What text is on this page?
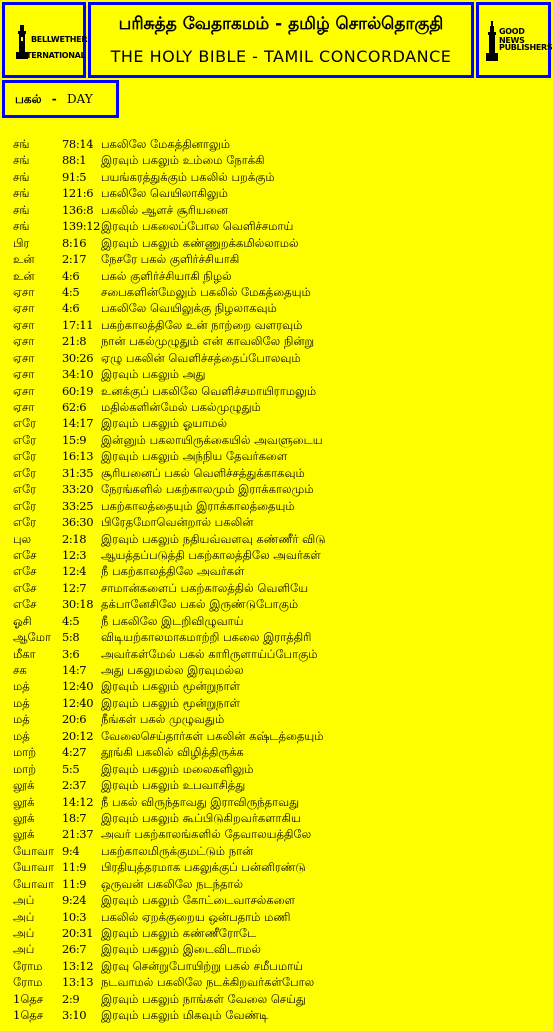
BELLWETHER
INTERNATIONAL
பரிசுத்த வேதாகமம் - தமிழ் சொல்தொகுதி
THE HOLY BIBLE - TAMIL CONCORDANCE
GOOD NEWS
PUBLISHERS
பகல் - DAY
சங்	78:14 பகலிலே மேகத்தினாலும்
சங்	88:1 இரவும் பகலும் உம்மை நோக்கி
சங்	91:5 பயங்கரத்துக்கும் பகலில் பறக்கும்
சங்	121:6 பகலிலே வெயிலாகிலும்
சங்	136:8 பகலில் ஆளச் சூரியனை
சங்	139:12 இரவும் பகலைப்போல வெளிச்சமாய்
பிர	8:16 இரவும் பகலும் கண்ணுறக்கமில்லாமல்
உன் 2:17 நேசரே பகல் குளிர்ச்சியாகி
உன் 4:6 பகல் குளிர்ச்சியாகி நிழல்
ஏசா 4:5 சபைகளின்மேலும் பகலில் மேகத்தையும்
ஏசா 4:6 பகலிலே வெயிலுக்கு நிழலாகவும்
ஏசா 17:11 பகற்காலத்திலே உன் நாற்றை வளரவும்
ஏசா 21:8 நான் பகல்முழுதும் என் காவலிலே நின்று
ஏசா 30:26 ஏழு பகலின் வெளிச்சத்தைப்போலவும்
ஏசா 34:10 இரவும் பகலும் அது
ஏசா 60:19 உனக்குப் பகலிலே வெளிச்சமாயிராமலும்
ஏசா 62:6 மதில்களின்மேல் பகல்முழுதும்
எரே 14:17 இரவும் பகலும் ஓயாமல்
எரே 15:9 இன்னும் பகலாயிருக்கையில் அவளுடைய
எரே 16:13 இரவும் பகலும் அந்நிய தேவர்களை
எரே 31:35 சூரியனைப் பகல் வெளிச்சத்துக்காகவும்
எரே 33:20 நேரங்களில் பகற்காலமும் இராக்காலமும்
எரே 33:25 பகற்காலத்தையும் இராக்காலத்தையும்
எரே 36:30 பிரேதமோவென்றால் பகலின்
புல	2:18 இரவும் பகலும் நதியவ்வளவு கண்ணீர் விடு
எசே 12:3 ஆயத்தப்படுத்தி பகற்காலத்திலே அவர்கள்
எசே 12:4 நீ பகற்காலத்திலே அவர்கள்
எசே 12:7 சாமான்களைப் பகற்காலத்தில் வெளியே
எசே 30:18 தக்பானேசிலே பகல் இருண்டுபோகும்
ஓசி	4:5 நீ பகலிலே இடறிவிழுவாய்
ஆமோ 5:8 விடியற்காலமாகமாற்றி பகலை இராத்திரி
மீகா 3:6 அவர்கள்மேல் பகல் காரிருளாய்ப்போகும்
சக	14:7 அது பகலுமல்ல இரவுமல்ல
மத்	12:40 இரவும் பகலும் மூன்றுநாள்
மத்	12:40 இரவும் பகலும் மூன்றுநாள்
மத்	20:6 நீங்கள் பகல் முழுவதும்
மத்	20:12 வேலைசெய்தார்கள் பகலின் கஷ்டத்தையும்
மாற் 4:27 தூங்கி பகலில் விழித்திருக்க
மாற் 5:5 இரவும் பகலும் மலைகளிலும்
லூக் 2:37 இரவும் பகலும் உபவாசித்து
லூக் 14:12 நீ பகல் விருந்தாவது இராவிருந்தாவது
லூக் 18:7 இரவும் பகலும் கூப்பிடுகிறவர்களாகிய
லூக் 21:37 அவர் பகற்காலங்களில் தேவாலயத்திலே
யோவா 9:4 பகற்காலமிருக்குமட்டும் நான்
யோவா 11:9 பிரதியுத்தரமாக பகலுக்குப் பன்னிரண்டு
யோவா 11:9 ஒருவன் பகலிலே நடந்தால்
அப் 9:24 இரவும் பகலும் கோட்டைவாசல்களை
அப் 10:3 பகலில் ஏறக்குறைய ஒன்பதாம் மணி
அப் 20:31 இரவும் பகலும் கண்ணீரோடே
அப் 26:7 இரவும் பகலும் இடைவிடாமல்
ரோம 13:12 இரவு சென்றுபோயிற்று பகல் சமீபமாய்
ரோம 13:13 நடவாமல் பகலிலே நடக்கிறவர்கள்போல
1தெச 2:9 இரவும் பகலும் நாங்கள் வேலை செய்து
1தெச 3:10 இரவும் பகலும் மிகவும் வேண்டி
